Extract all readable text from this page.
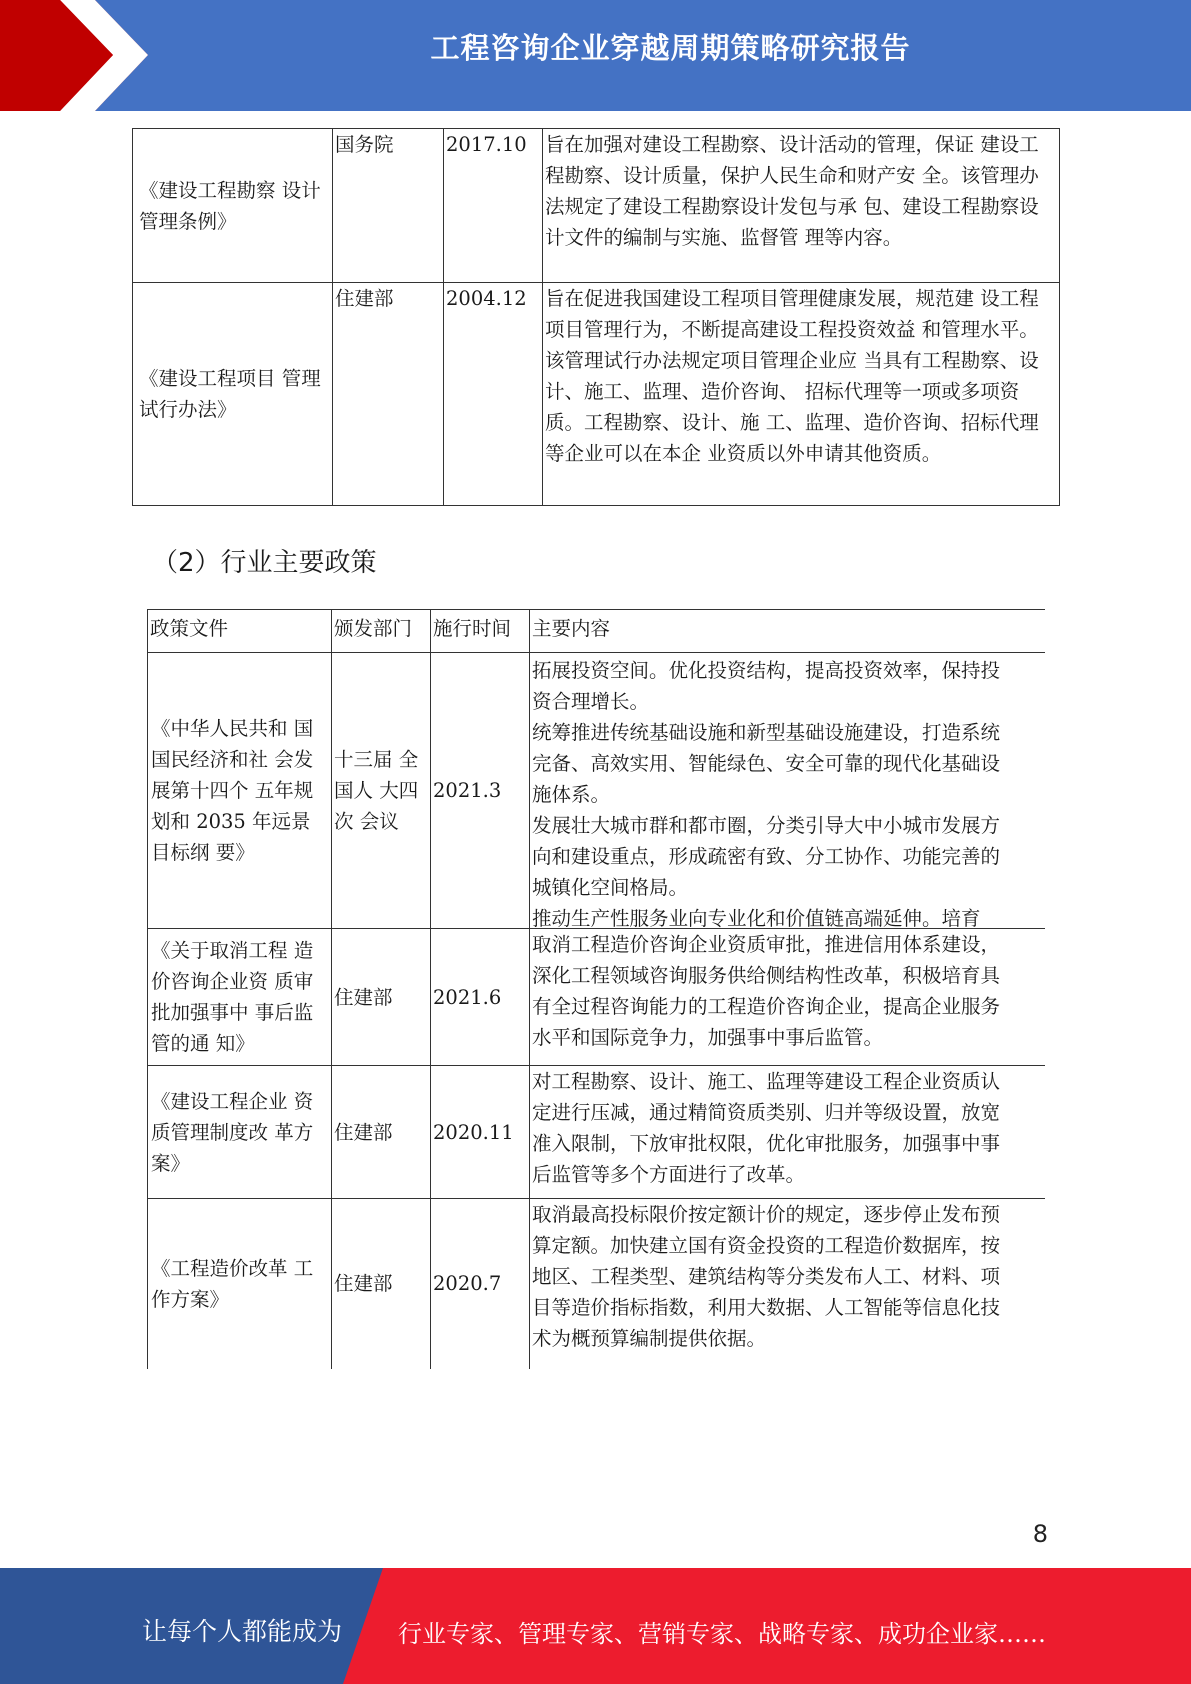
工程咨询企业穿越周期策略研究报告
《建设工程勘察 设计管理条例》	国务院	2017.10	旨在加强对建设工程勘察、设计活动的管理，保证 建设工程勘察、设计质量，保护人民生命和财产安 全。该管理办法规定了建设工程勘察设计发包与承 包、建设工程勘察设计文件的编制与实施、监督管 理等内容。
《建设工程项目 管理试行办法》	住建部	2004.12	旨在促进我国建设工程项目管理健康发展，规范建 设工程项目管理行为，不断提高建设工程投资效益 和管理水平。该管理试行办法规定项目管理企业应 当具有工程勘察、设计、施工、监理、造价咨询、 招标代理等一项或多项资质。工程勘察、设计、施 工、监理、造价咨询、招标代理等企业可以在本企 业资质以外申请其他资质。
（2）行业主要政策
政策文件	颁发部门	施行时间	主要内容
《中华人民共和 国国民经济和社 会发展第十四个 五年规划和 2035 年远景目标纲 要》	十三届 全国人 大四次 会议	2021.3	拓展投资空间。优化投资结构，提高投资效率，保持投资合理增长。
统筹推进传统基础设施和新型基础设施建设，打造系统完备、高效实用、智能绿色、安全可靠的现代化基础设施体系。
发展壮大城市群和都市圈，分类引导大中小城市发展方向和建设重点，形成疏密有致、分工协作、功能完善的城镇化空间格局。
推动生产性服务业向专业化和价值链高端延伸。培育

《关于取消工程 造价咨询企业资 质审批加强事中 事后监管的通 知》	住建部	2021.6	取消工程造价咨询企业资质审批，推进信用体系建设，深化工程领域咨询服务供给侧结构性改革，积极培育具有全过程咨询能力的工程造价咨询企业，提高企业服务水平和国际竞争力，加强事中事后监管。

《建设工程企业 资质管理制度改 革方案》	住建部	2020.11	对工程勘察、设计、施工、监理等建设工程企业资质认定进行压减，通过精简资质类别、归并等级设置，放宽准入限制，下放审批权限，优化审批服务，加强事中事后监管等多个方面进行了改革。

《工程造价改革 工作方案》	住建部	2020.7	取消最高投标限价按定额计价的规定，逐步停止发布预算定额。加快建立国有资金投资的工程造价数据库，按地区、工程类型、建筑结构等分类发布人工、材料、项目等造价指标指数，利用大数据、人工智能等信息化技术为概预算编制提供依据。
8
让每个人都能成为 行业专家、管理专家、营销专家、战略专家、成功企业家……
